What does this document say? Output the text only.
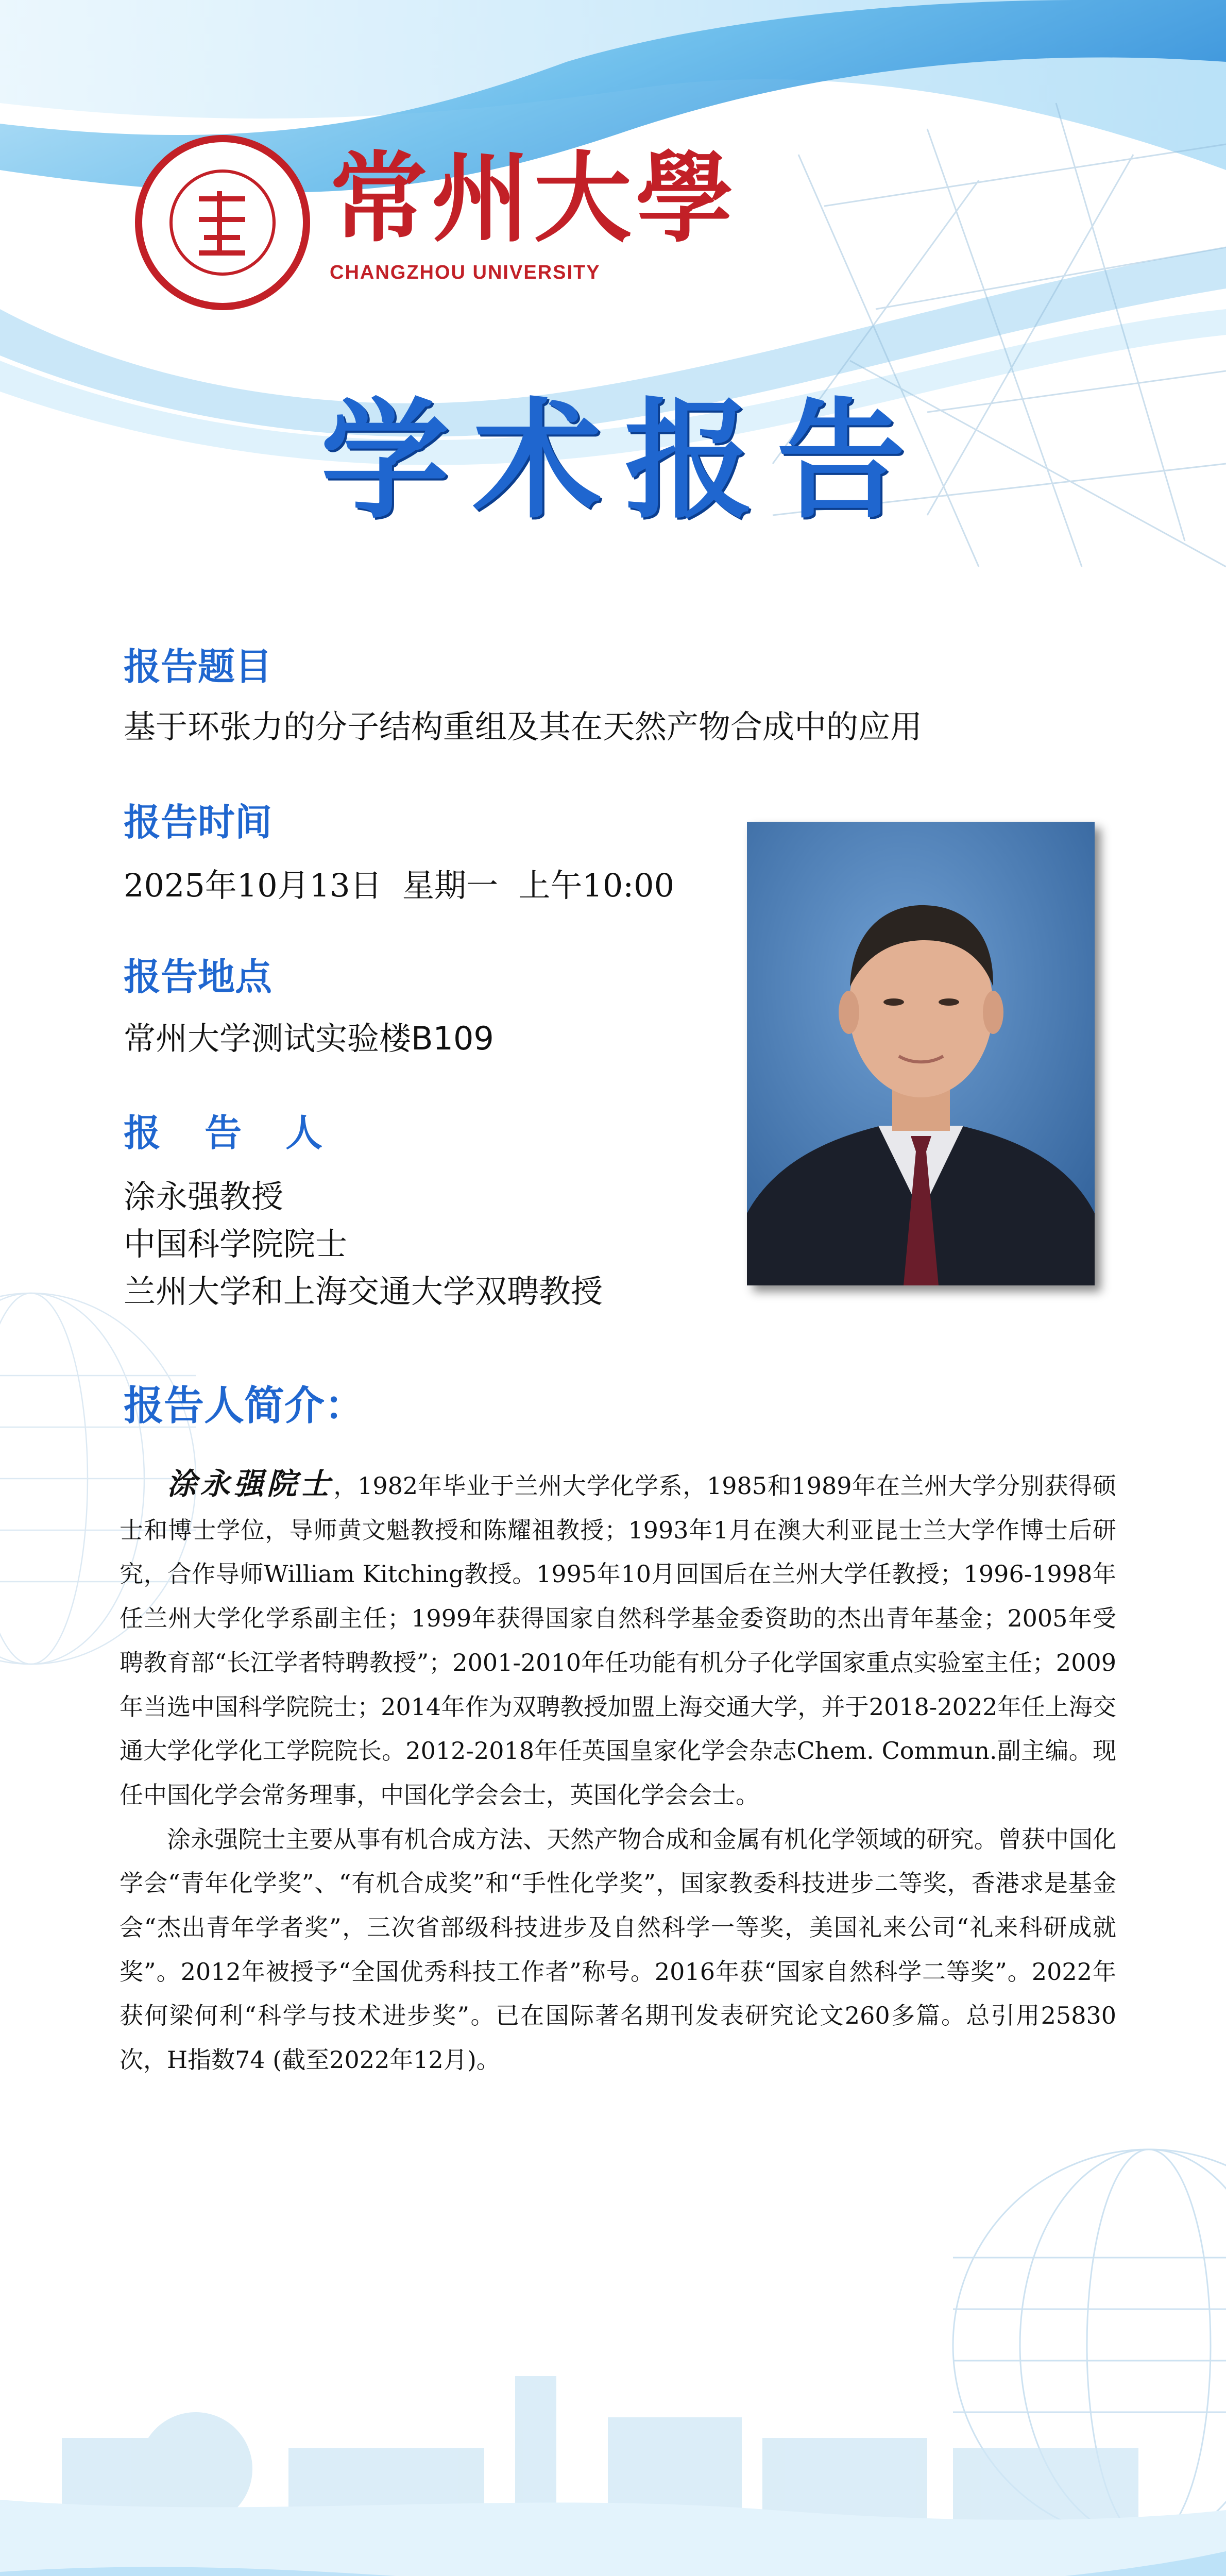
常州大學
CHANGZHOU UNIVERSITY
学术报告
报告题目
基于环张力的分子结构重组及其在天然产物合成中的应用
报告时间
2025年10月13日  星期一  上午10:00
报告地点
常州大学测试实验楼B109
报 告 人
涂永强教授
中国科学院院士
兰州大学和上海交通大学双聘教授
报告人简介：

涂永强院士，1982年毕业于兰州大学化学系，1985和1989年在兰州大学分别获得硕士和博士学位，导师黄文魁教授和陈耀祖教授；1993年1月在澳大利亚昆士兰大学作博士后研究，合作导师William Kitching教授。1995年10月回国后在兰州大学任教授；1996-1998年任兰州大学化学系副主任；1999年获得国家自然科学基金委资助的杰出青年基金；2005年受聘教育部“长江学者特聘教授”；2001-2010年任功能有机分子化学国家重点实验室主任；2009年当选中国科学院院士；2014年作为双聘教授加盟上海交通大学，并于2018-2022年任上海交通大学化学化工学院院长。2012-2018年任英国皇家化学会杂志Chem. Commun.副主编。现任中国化学会常务理事，中国化学会会士，英国化学会会士。

涂永强院士主要从事有机合成方法、天然产物合成和金属有机化学领域的研究。曾获中国化学会“青年化学奖”、“有机合成奖”和“手性化学奖”，国家教委科技进步二等奖，香港求是基金会“杰出青年学者奖”，三次省部级科技进步及自然科学一等奖，美国礼来公司“礼来科研成就奖”。2012年被授予“全国优秀科技工作者”称号。2016年获“国家自然科学二等奖”。2022年获何梁何利“科学与技术进步奖”。已在国际著名期刊发表研究论文260多篇。总引用25830次，H指数74 (截至2022年12月)。
